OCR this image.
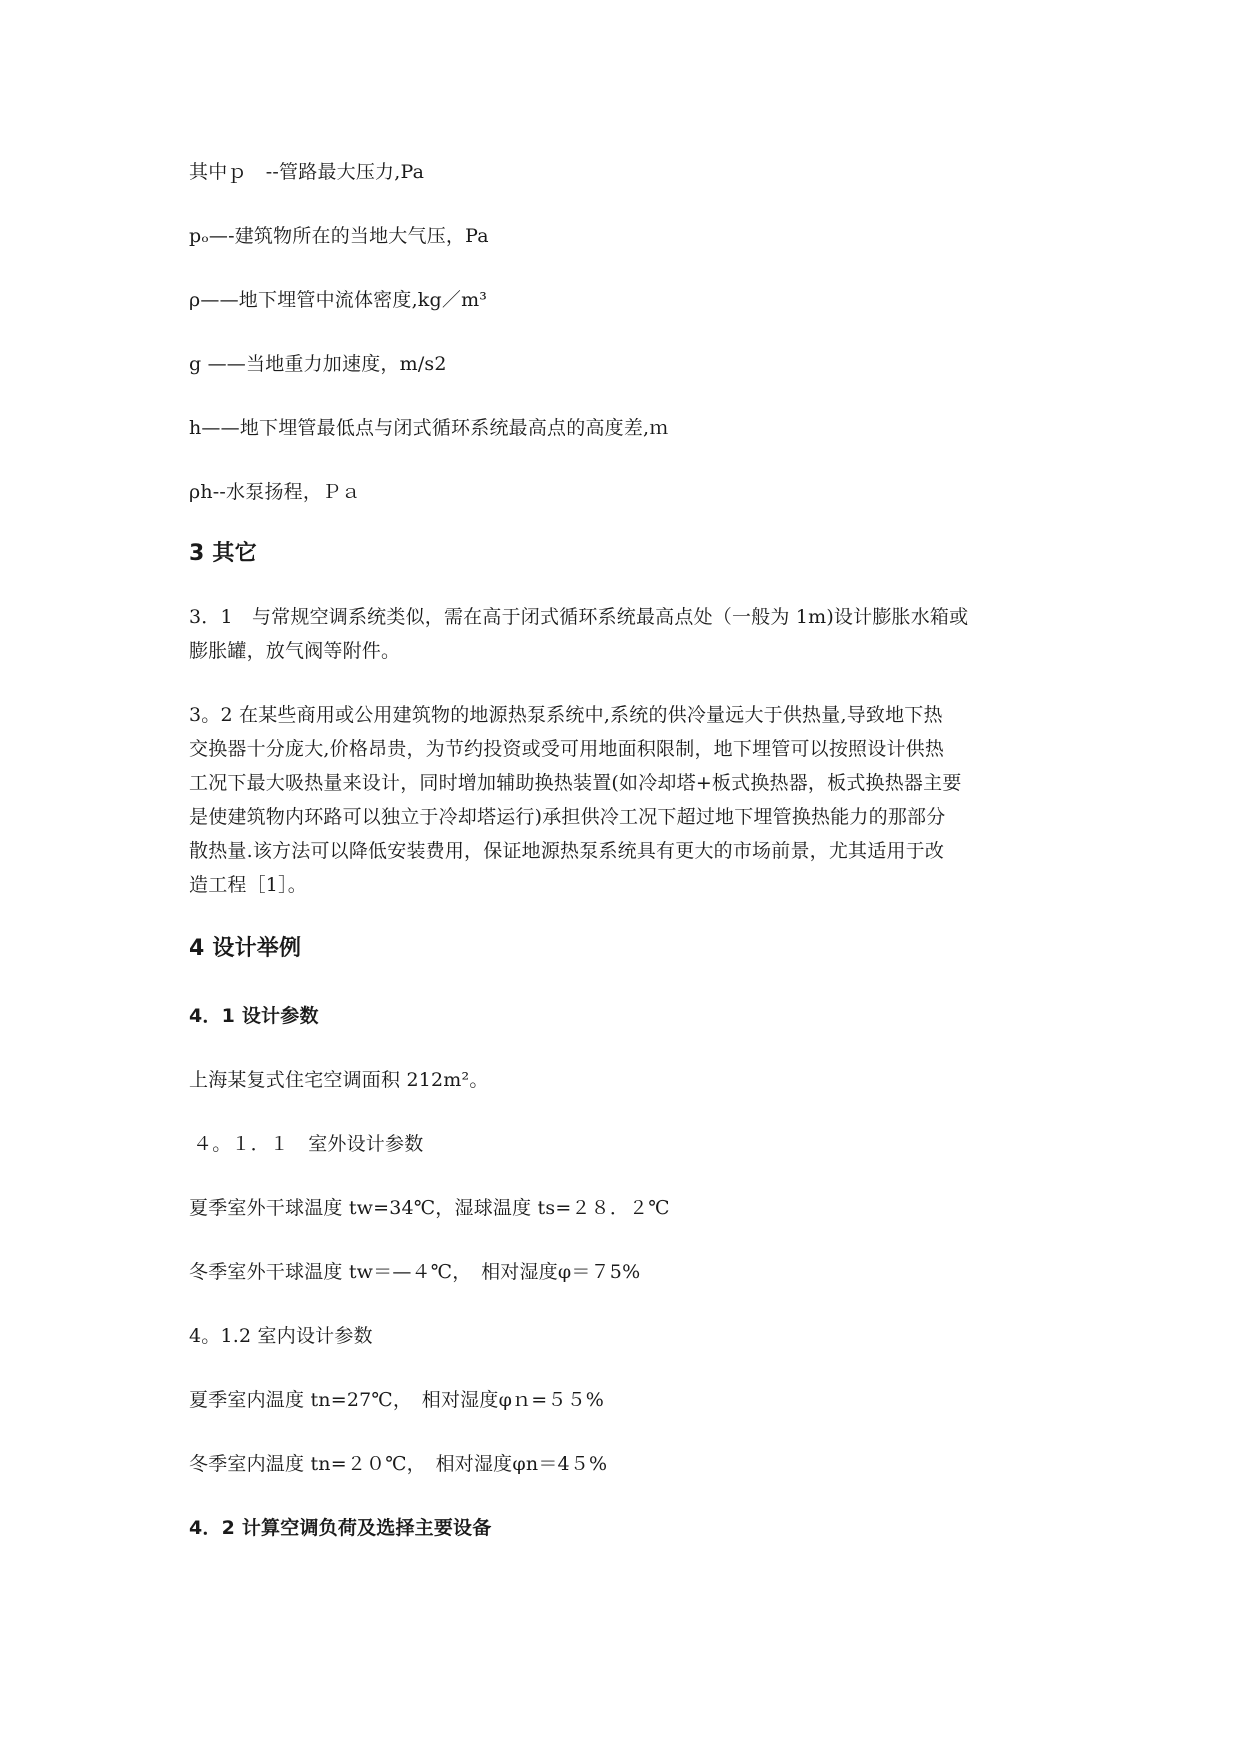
其中ｐ　--管路最大压力,Pa
pₒ—-建筑物所在的当地大气压，Pa
ρ——地下埋管中流体密度,kg／m³
g ——当地重力加速度，m/s2
h——地下埋管最低点与闭式循环系统最高点的高度差,ｍ
ρh--水泵扬程，Ｐａ
3 其它
3．1　与常规空调系统类似，需在高于闭式循环系统最高点处（一般为 1m)设计膨胀水箱或
膨胀罐，放气阀等附件。
3。2 在某些商用或公用建筑物的地源热泵系统中,系统的供冷量远大于供热量,导致地下热
交换器十分庞大,价格昂贵，为节约投资或受可用地面积限制，地下埋管可以按照设计供热
工况下最大吸热量来设计，同时增加辅助换热装置(如冷却塔+板式换热器，板式换热器主要
是使建筑物内环路可以独立于冷却塔运行)承担供冷工况下超过地下埋管换热能力的那部分
散热量.该方法可以降低安装费用，保证地源热泵系统具有更大的市场前景，尤其适用于改
造工程［1］。
4 设计举例
4．1 设计参数
上海某复式住宅空调面积 212m²。
４。１．１　室外设计参数
夏季室外干球温度 tw=34℃，湿球温度 ts=２８．２℃
冬季室外干球温度 tw＝—４℃，　相对湿度φ＝７5%
4。1.2 室内设计参数
夏季室内温度 tn=27℃，　相对湿度φｎ=５５%
冬季室内温度 tn=２０℃，　相对湿度φn＝4５%
4．2 计算空调负荷及选择主要设备
